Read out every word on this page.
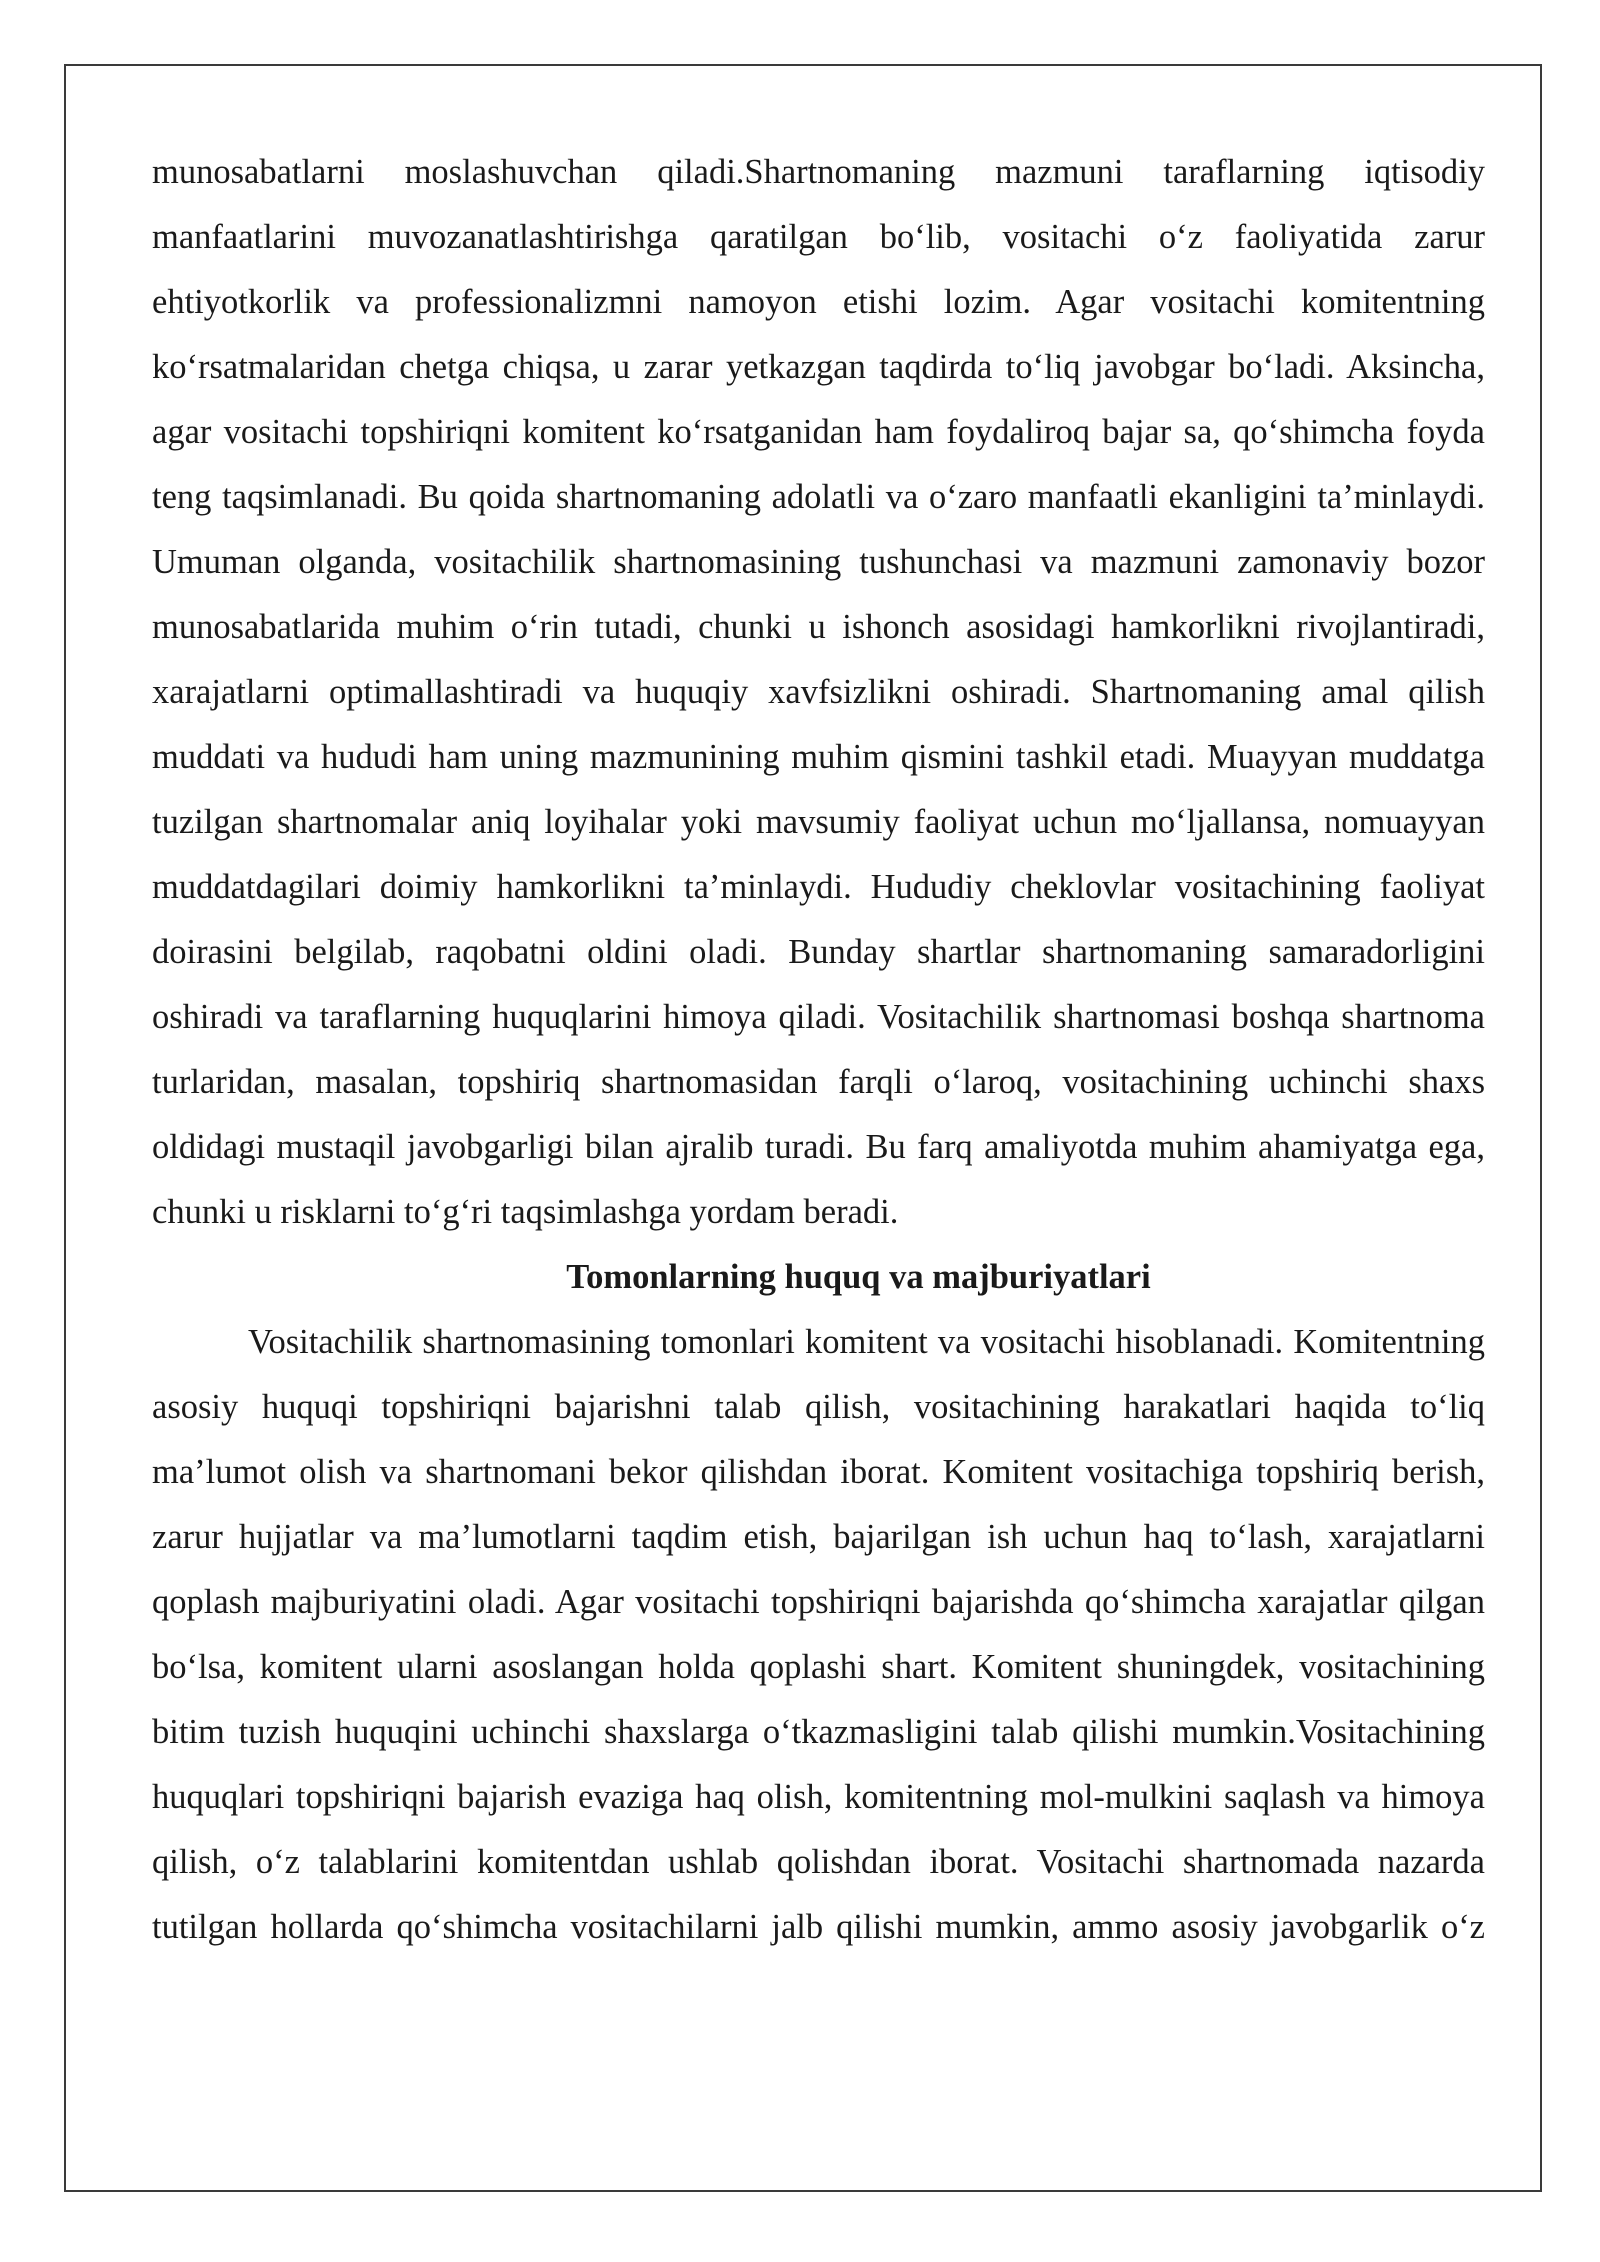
munosabatlarni moslashuvchan qiladi.Shartnomaning mazmuni taraflarning iqtisodiy manfaatlarini muvozanatlashtirishga qaratilgan bo‘lib, vositachi o‘z faoliyatida zarur ehtiyotkorlik va professionalizmni namoyon etishi lozim. Agar vositachi komitentning ko‘rsatmalaridan chetga chiqsa, u zarar yetkazgan taqdirda to‘liq javobgar bo‘ladi. Aksincha, agar vositachi topshiriqni komitent ko‘rsatganidan ham foydaliroq bajar sa, qo‘shimcha foyda teng taqsimlanadi. Bu qoida shartnomaning adolatli va o‘zaro manfaatli ekanligini ta’minlaydi. Umuman olganda, vositachilik shartnomasining tushunchasi va mazmuni zamonaviy bozor munosabatlarida muhim o‘rin tutadi, chunki u ishonch asosidagi hamkorlikni rivojlantiradi, xarajatlarni optimallashtiradi va huquqiy xavfsizlikni oshiradi. Shartnomaning amal qilish muddati va hududi ham uning mazmunining muhim qismini tashkil etadi. Muayyan muddatga tuzilgan shartnomalar aniq loyihalar yoki mavsumiy faoliyat uchun mo‘ljallansa, nomuayyan muddatdagilari doimiy hamkorlikni ta’minlaydi. Hududiy cheklovlar vositachining faoliyat doirasini belgilab, raqobatni oldini oladi. Bunday shartlar shartnomaning samaradorligini oshiradi va taraflarning huquqlarini himoya qiladi. Vositachilik shartnomasi boshqa shartnoma turlaridan, masalan, topshiriq shartnomasidan farqli o‘laroq, vositachining uchinchi shaxs oldidagi mustaqil javobgarligi bilan ajralib turadi. Bu farq amaliyotda muhim ahamiyatga ega, chunki u risklarni to‘g‘ri taqsimlashga yordam beradi.

Tomonlarning huquq va majburiyatlari

Vositachilik shartnomasining tomonlari komitent va vositachi hisoblanadi. Komitentning asosiy huquqi topshiriqni bajarishni talab qilish, vositachining harakatlari haqida to‘liq ma’lumot olish va shartnomani bekor qilishdan iborat. Komitent vositachiga topshiriq berish, zarur hujjatlar va ma’lumotlarni taqdim etish, bajarilgan ish uchun haq to‘lash, xarajatlarni qoplash majburiyatini oladi. Agar vositachi topshiriqni bajarishda qo‘shimcha xarajatlar qilgan bo‘lsa, komitent ularni asoslangan holda qoplashi shart. Komitent shuningdek, vositachining bitim tuzish huquqini uchinchi shaxslarga o‘tkazmasligini talab qilishi mumkin.Vositachining huquqlari topshiriqni bajarish evaziga haq olish, komitentning mol-mulkini saqlash va himoya qilish, o‘z talablarini komitentdan ushlab qolishdan iborat. Vositachi shartnomada nazarda tutilgan hollarda qo‘shimcha vositachilarni jalb qilishi mumkin, ammo asosiy javobgarlik o‘z
